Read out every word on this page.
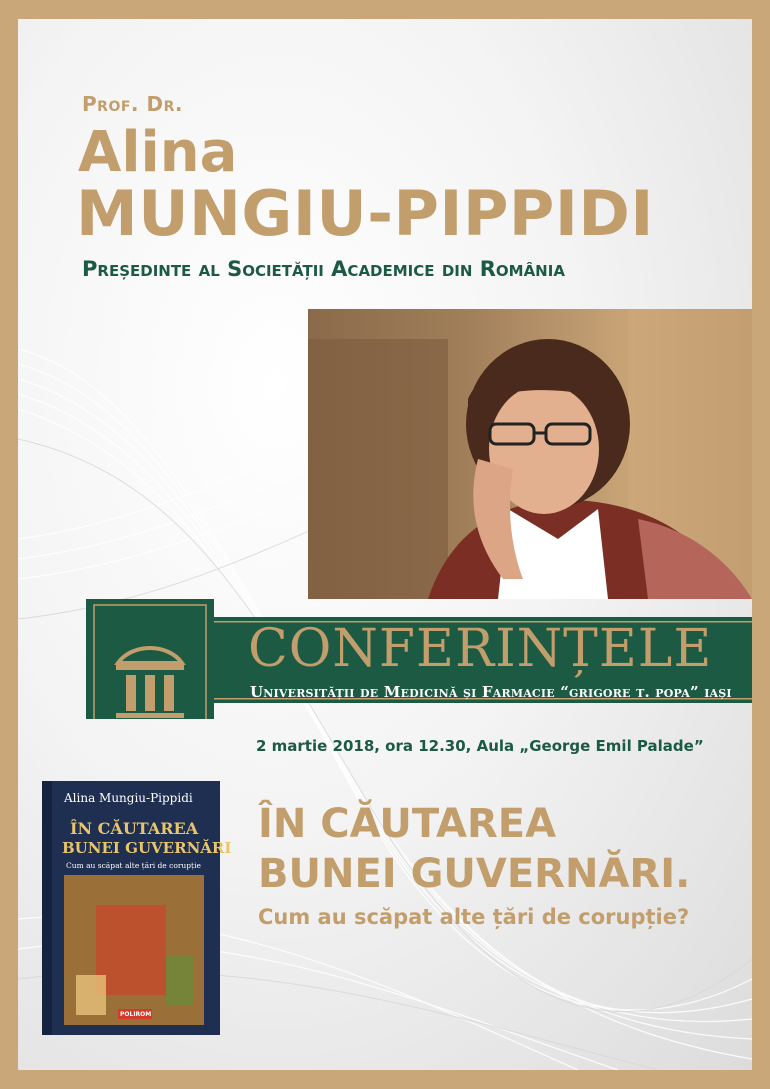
Prof. Dr.
Alina
MUNGIU-PIPPIDI
Președinte al Societății Academice din România
CONFERINȚELE
Universității de Medicină și Farmacie “grigore t. popa” iași
2 martie 2018, ora 12.30, Aula „George Emil Palade”
Alina Mungiu-Pippidi
ÎN CĂUTAREA
BUNEI GUVERNĂRI
Cum au scăpat alte țări de corupție
POLIROM
ÎN CĂUTAREA
BUNEI GUVERNĂRI.
Cum au scăpat alte țări de corupție?
